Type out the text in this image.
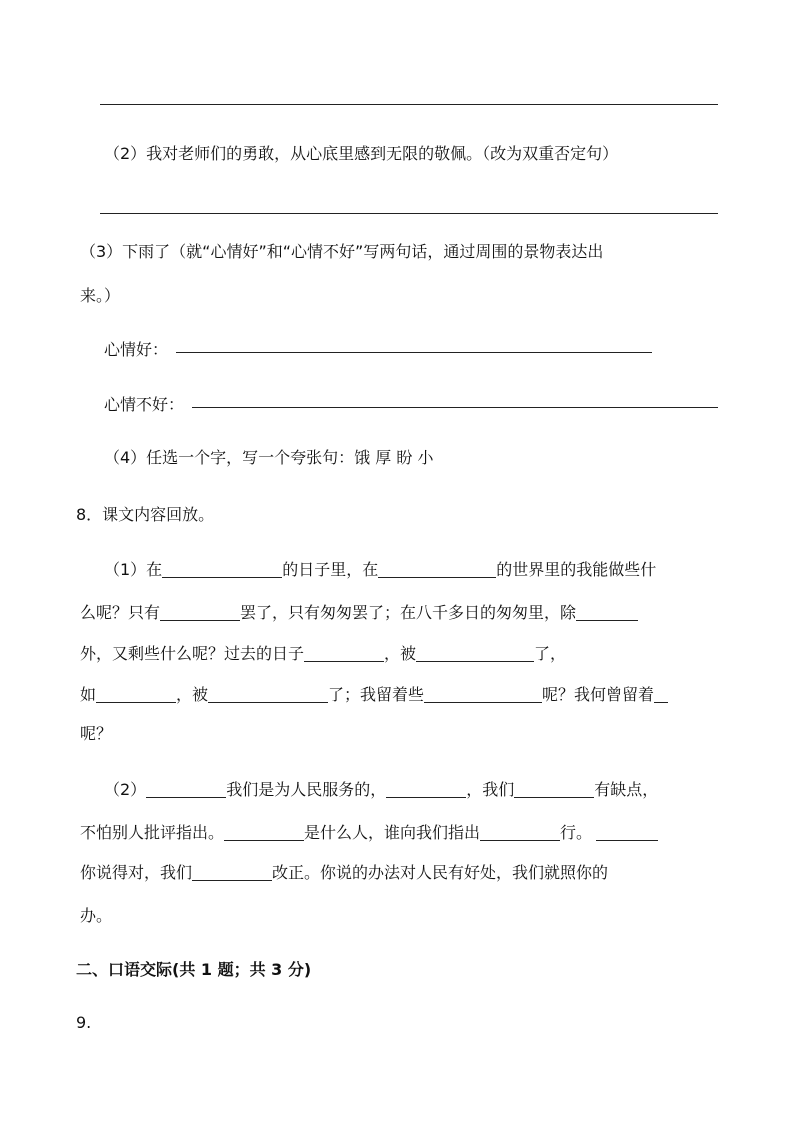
（2）我对老师们的勇敢，从心底里感到无限的敬佩。（改为双重否定句）
（3）下雨了（就“心情好”和“心情不好”写两句话，通过周围的景物表达出
来。）
心情好：
心情不好：
（4）任选一个字，写一个夸张句：饿 厚 盼 小
8．课文内容回放。
（1）在	的日子里，在	的世界里的我能做些什
么呢？只有	罢了，只有匆匆罢了；在八千多日的匆匆里，除
外，又剩些什么呢？过去的日子	，被	了，
如	，被	了；我留着些	呢？我何曾留着
呢？
（2）	我们是为人民服务的，	，我们	有缺点，
不怕别人批评指出。	是什么人，谁向我们指出	行。
你说得对，我们	改正。你说的办法对人民有好处，我们就照你的
办。
二、口语交际(共 1 题；共 3 分)
9.
